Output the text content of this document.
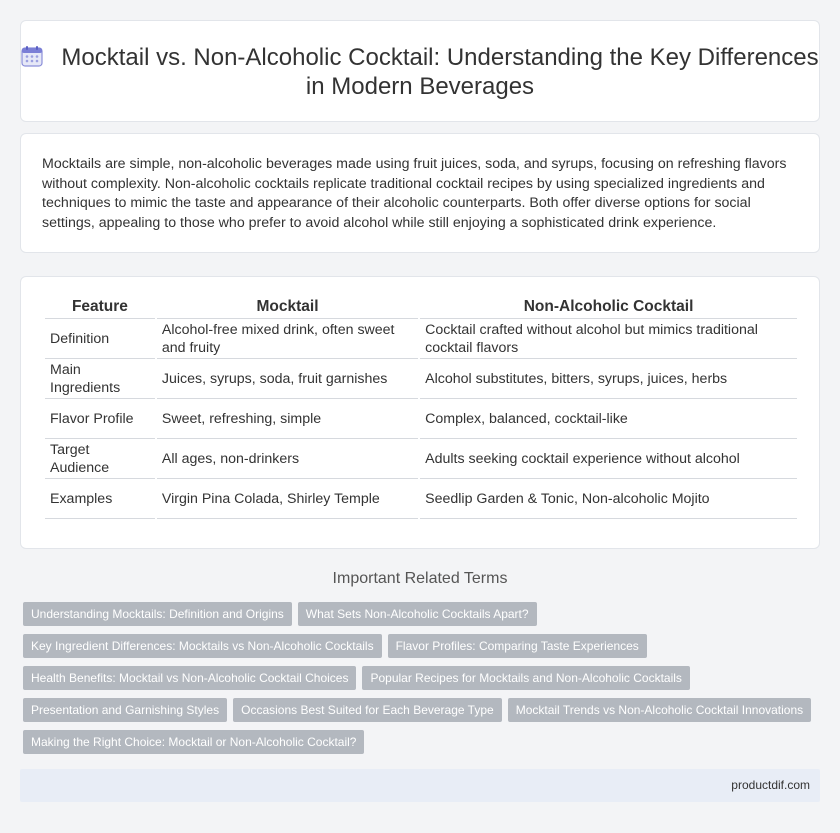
Mocktail vs. Non-Alcoholic Cocktail: Understanding the Key Differences in Modern Beverages

Mocktails are simple, non-alcoholic beverages made using fruit juices, soda, and syrups, focusing on refreshing flavors without complexity. Non-alcoholic cocktails replicate traditional cocktail recipes by using specialized ingredients and techniques to mimic the taste and appearance of their alcoholic counterparts. Both offer diverse options for social settings, appealing to those who prefer to avoid alcohol while still enjoying a sophisticated drink experience.

Feature	Mocktail	Non-Alcoholic Cocktail
Definition	Alcohol-free mixed drink, often sweet and fruity	Cocktail crafted without alcohol but mimics traditional cocktail flavors
Main Ingredients	Juices, syrups, soda, fruit garnishes	Alcohol substitutes, bitters, syrups, juices, herbs
Flavor Profile	Sweet, refreshing, simple	Complex, balanced, cocktail-like
Target Audience	All ages, non-drinkers	Adults seeking cocktail experience without alcohol
Examples	Virgin Pina Colada, Shirley Temple	Seedlip Garden & Tonic, Non-alcoholic Mojito
Important Related Terms
Understanding Mocktails: Definition and Origins What Sets Non-Alcoholic Cocktails Apart?
Key Ingredient Differences: Mocktails vs Non-Alcoholic Cocktails Flavor Profiles: Comparing Taste Experiences
Health Benefits: Mocktail vs Non-Alcoholic Cocktail Choices Popular Recipes for Mocktails and Non-Alcoholic Cocktails
Presentation and Garnishing Styles Occasions Best Suited for Each Beverage Type Mocktail Trends vs Non-Alcoholic Cocktail Innovations
Making the Right Choice: Mocktail or Non-Alcoholic Cocktail?
productdif.com
